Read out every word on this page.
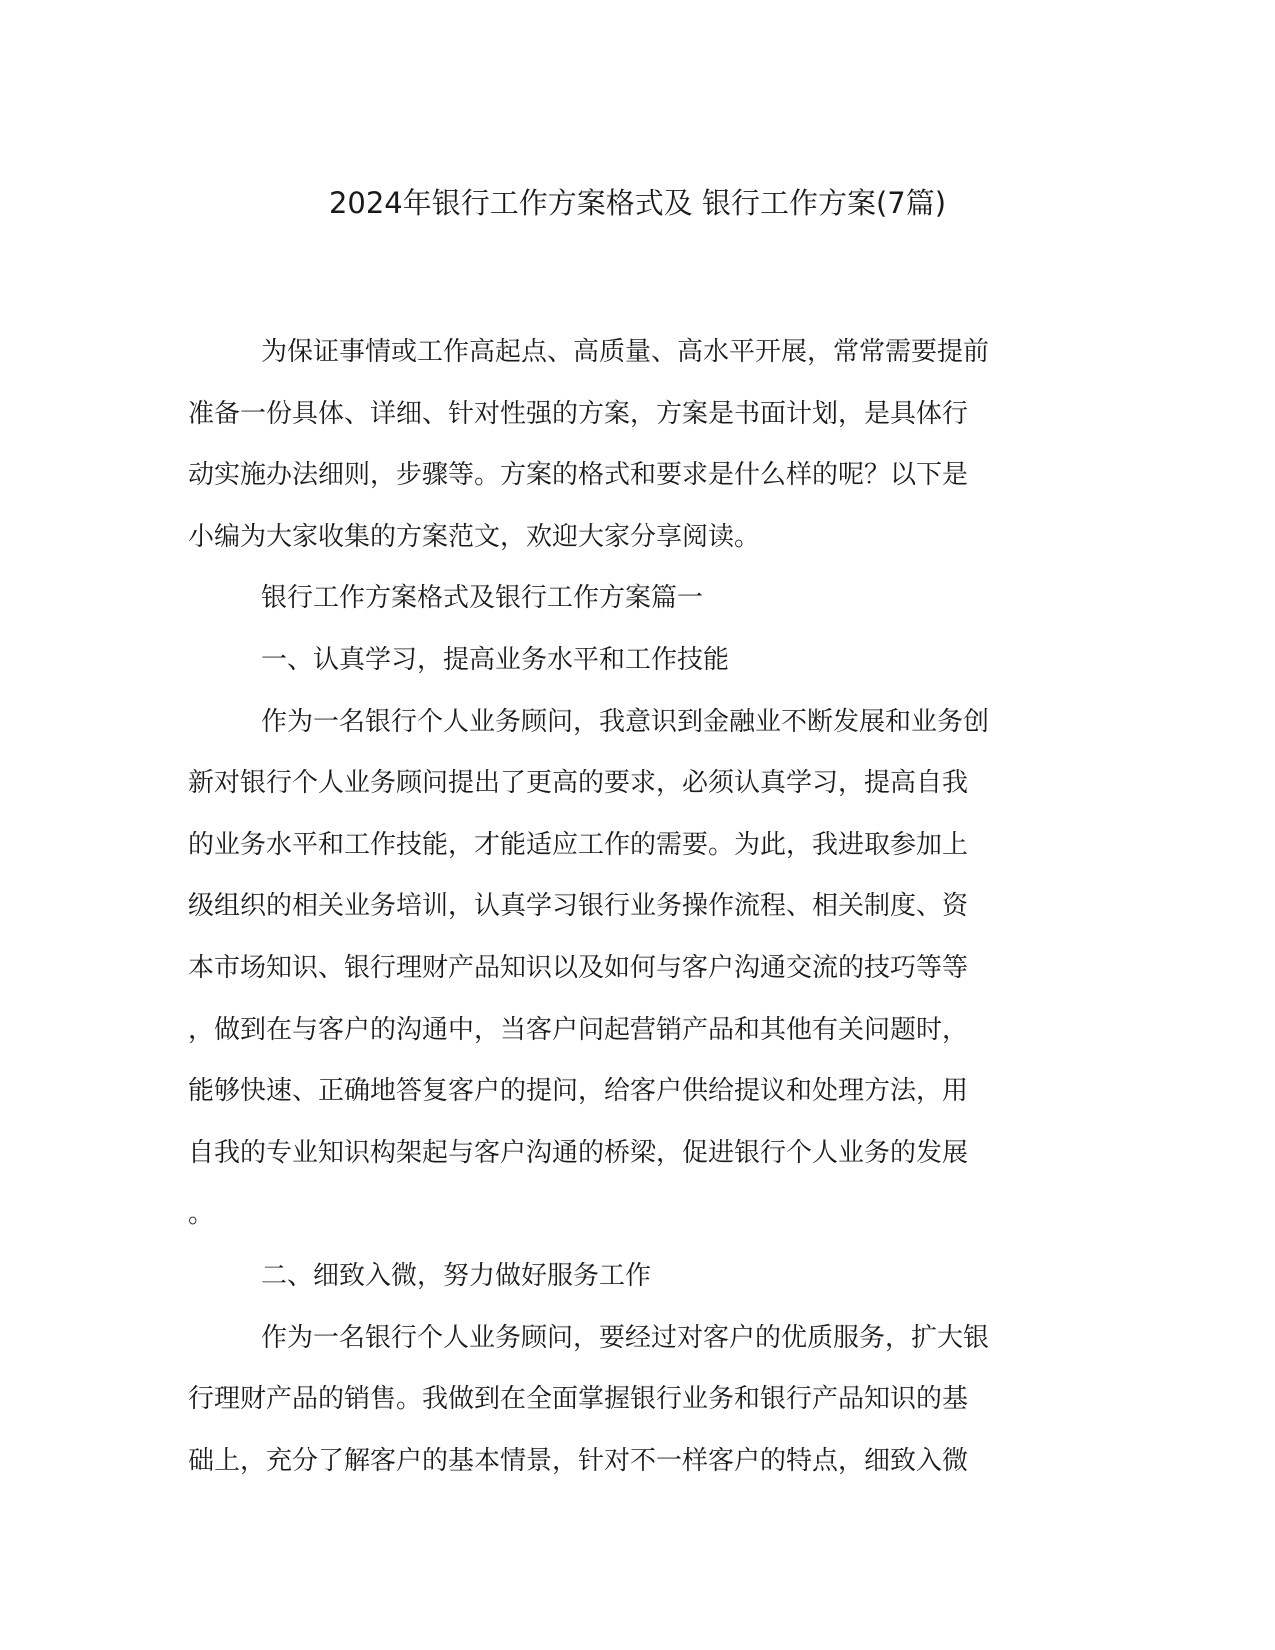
2024年银行工作方案格式及 银行工作方案(7篇)
为保证事情或工作高起点、高质量、高水平开展，常常需要提前
准备一份具体、详细、针对性强的方案，方案是书面计划，是具体行
动实施办法细则，步骤等。方案的格式和要求是什么样的呢？以下是
小编为大家收集的方案范文，欢迎大家分享阅读。
银行工作方案格式及银行工作方案篇一
一、认真学习，提高业务水平和工作技能
作为一名银行个人业务顾问，我意识到金融业不断发展和业务创
新对银行个人业务顾问提出了更高的要求，必须认真学习，提高自我
的业务水平和工作技能，才能适应工作的需要。为此，我进取参加上
级组织的相关业务培训，认真学习银行业务操作流程、相关制度、资
本市场知识、银行理财产品知识以及如何与客户沟通交流的技巧等等
，做到在与客户的沟通中，当客户问起营销产品和其他有关问题时，
能够快速、正确地答复客户的提问，给客户供给提议和处理方法，用
自我的专业知识构架起与客户沟通的桥梁，促进银行个人业务的发展
。
二、细致入微，努力做好服务工作
作为一名银行个人业务顾问，要经过对客户的优质服务，扩大银
行理财产品的销售。我做到在全面掌握银行业务和银行产品知识的基
础上，充分了解客户的基本情景，针对不一样客户的特点，细致入微
